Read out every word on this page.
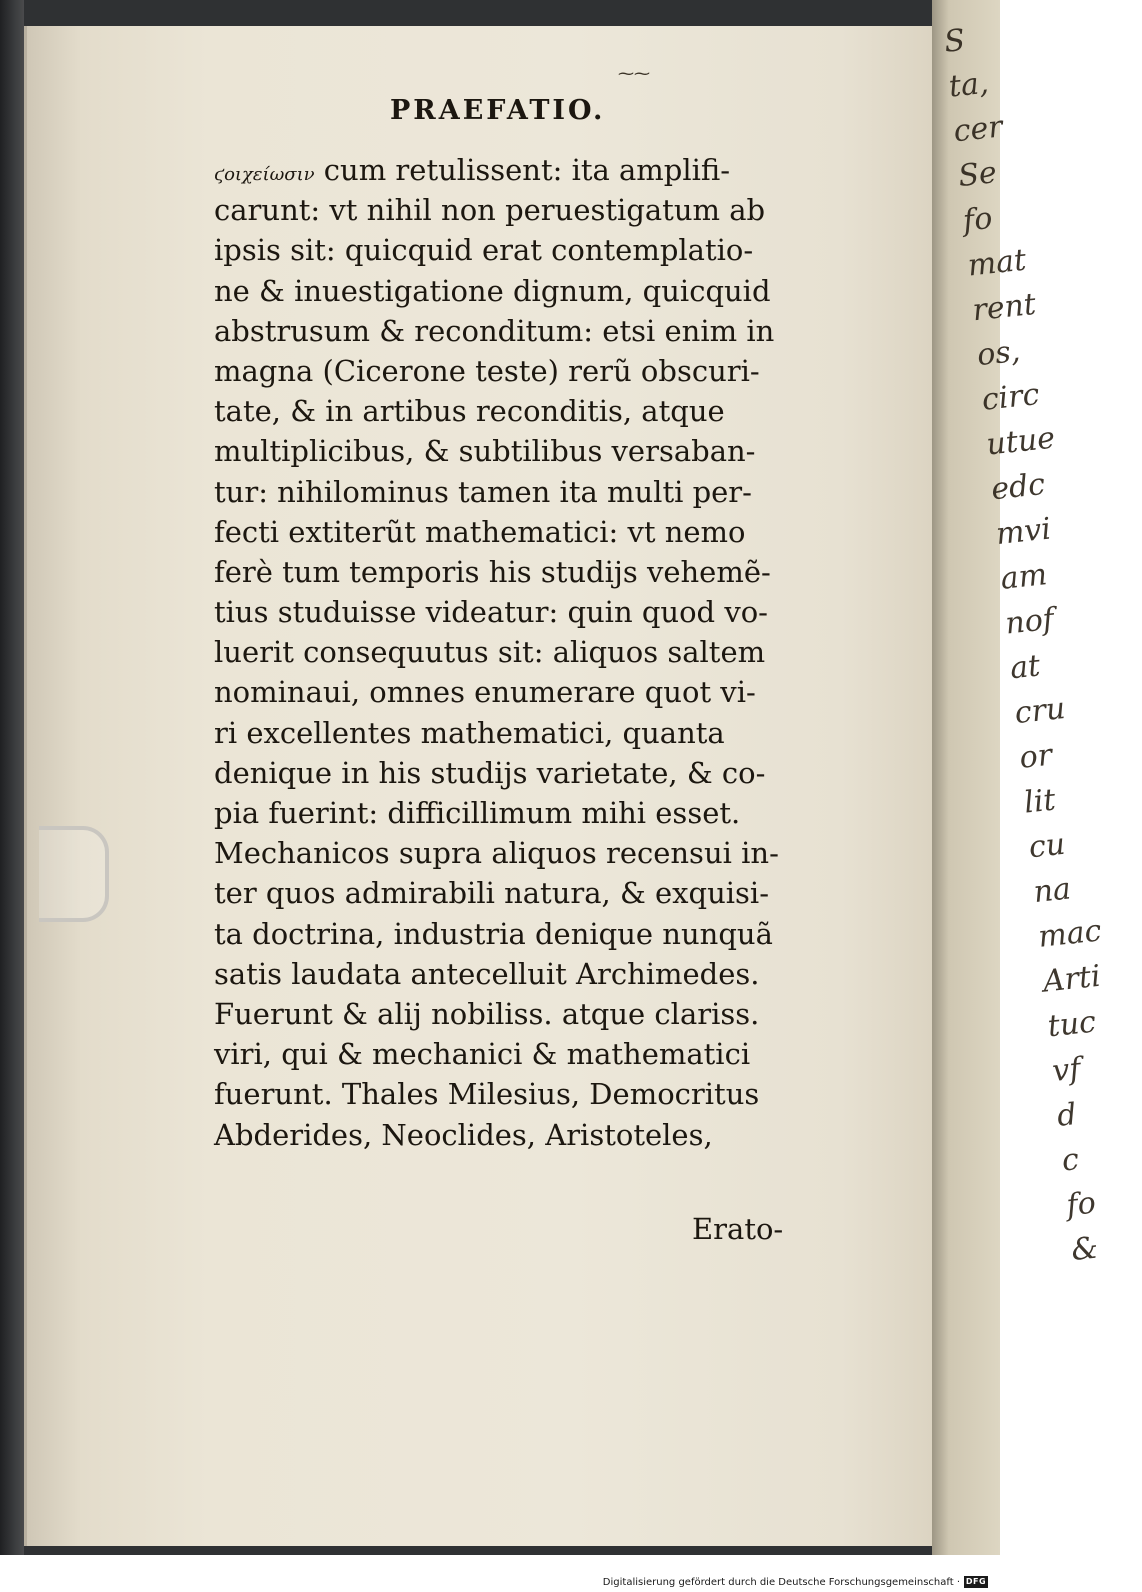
S
ta,
cer
Se
fo
mat
rent
os,
circ
utue
edc
mvi
am
nof
at
cru
or
lit
cu
na
mac
Arti
tuc
vf
d
c
fo
&
⁓⁓
PRAEFATIO.
ϛοιχείωσιν cum retulissent: ita amplifi-
carunt: vt nihil non peruestigatum ab
ipsis sit: quicquid erat contemplatio-
ne & inuestigatione dignum, quicquid
abstrusum & reconditum: etsi enim in
magna (Cicerone teste) rerũ obscuri-
tate, & in artibus reconditis, atque
multiplicibus, & subtilibus versaban-
tur: nihilominus tamen ita multi per-
fecti extiterũt mathematici: vt nemo
ferè tum temporis his studijs vehemẽ-
tius studuisse videatur: quin quod vo-
luerit consequutus sit: aliquos saltem
nominaui, omnes enumerare quot vi-
ri excellentes mathematici, quanta
denique in his studijs varietate, & co-
pia fuerint: difficillimum mihi esset.
Mechanicos supra aliquos recensui in-
ter quos admirabili natura, & exquisi-
ta doctrina, industria denique nunquã
satis laudata antecelluit Archimedes.
Fuerunt & alij nobiliss. atque clariss.
viri, qui & mechanici & mathematici
fuerunt. Thales Milesius, Democritus
Abderides, Neoclides, Aristoteles,
Erato-
Digitalisierung gefördert durch die Deutsche Forschungsgemeinschaft · DFG
